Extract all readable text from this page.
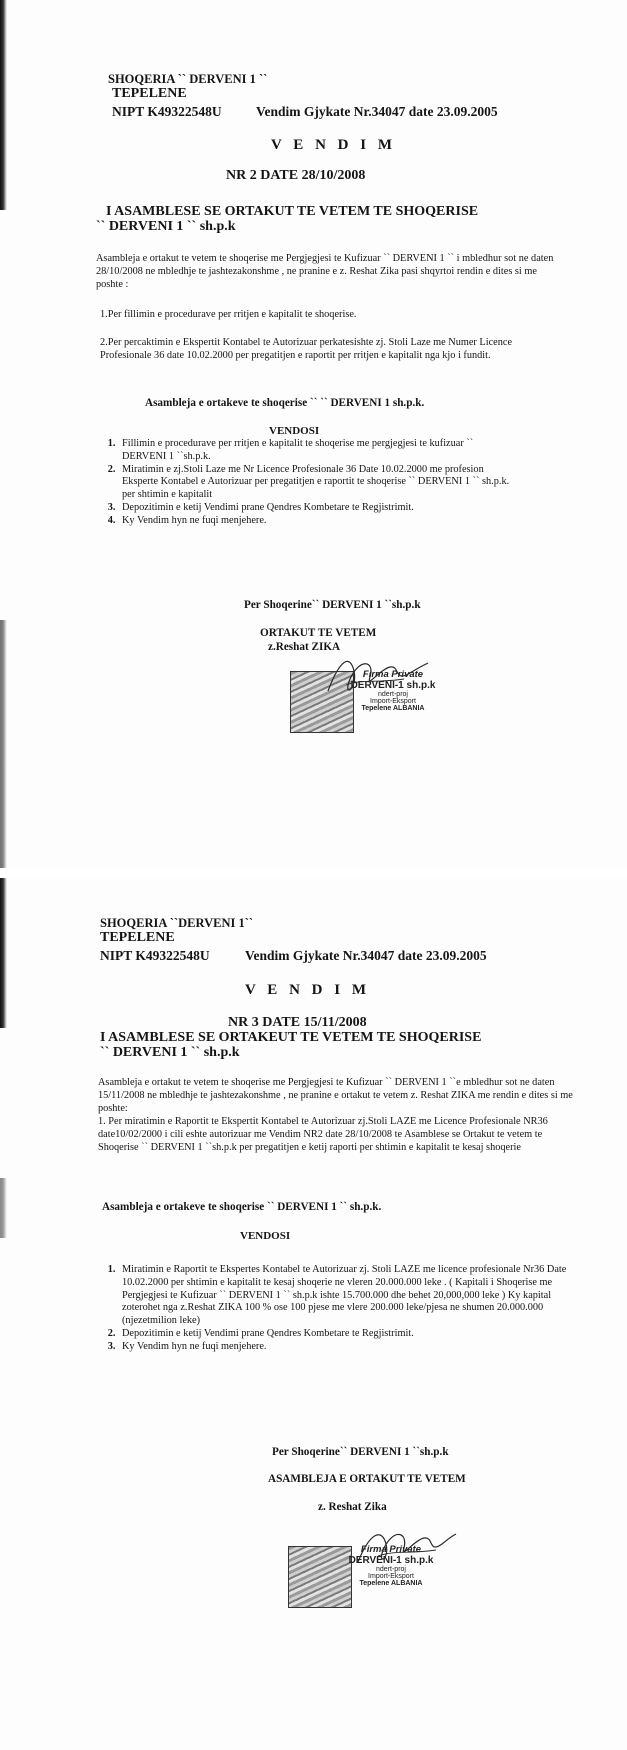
SHOQERIA `` DERVENI 1 ``
TEPELENE
NIPT K49322548U	Vendim Gjykate Nr.34047 date 23.09.2005
V E N D I M
NR 2 DATE 28/10/2008
I ASAMBLESE SE ORTAKUT TE VETEM TE SHOQERISE
`` DERVENI 1 `` sh.p.k
Asambleja e ortakut te vetem te shoqerise me Pergjegjesi te Kufizuar `` DERVENI 1 `` i mbledhur sot ne daten 28/10/2008 ne mbledhje te jashtezakonshme , ne pranine e z. Reshat Zika pasi shqyrtoi rendin e dites si me poshte :
1.Per fillimin e procedurave per rritjen e kapitalit te shoqerise.
2.Per percaktimin e Ekspertit Kontabel te Autorizuar perkatesishte zj. Stoli Laze me Numer Licence Profesionale 36 date 10.02.2000 per pregatitjen e raportit per rritjen e kapitalit nga kjo i fundit.
Asambleja e ortakeve te shoqerise `` `` DERVENI 1 sh.p.k.
VENDOSI
1. Fillimin e procedurave per rritjen e kapitalit te shoqerise me pergjegjesi te kufizuar `` DERVENI 1 ``sh.p.k.
2. Miratimin e zj.Stoli Laze me Nr Licence Profesionale 36 Date 10.02.2000 me profesion Eksperte Kontabel e Autorizuar per pregatitjen e raportit te shoqerise `` DERVENI 1 `` sh.p.k. per shtimin e kapitalit
3. Depozitimin e ketij Vendimi prane Qendres Kombetare te Regjistrimit.
4. Ky Vendim hyn ne fuqi menjehere.
Per Shoqerine`` DERVENI 1 ``sh.p.k
ORTAKUT TE VETEM
z.Reshat ZIKA
Firma Private
DERVENI-1 sh.p.k
ndert-proj
Import-Eksport
Tepelene ALBANIA
SHOQERIA ``DERVENI 1``
TEPELENE
NIPT K49322548U	Vendim Gjykate Nr.34047 date 23.09.2005
V E N D I M
NR 3 DATE 15/11/2008
I ASAMBLESE SE ORTAKEUT TE VETEM TE SHOQERISE
`` DERVENI 1 `` sh.p.k
Asambleja e ortakut te vetem te shoqerise me Pergjegjesi te Kufizuar `` DERVENI 1 ``e mbledhur sot ne daten 15/11/2008 ne mbledhje te jashtezakonshme , ne pranine e ortakut te vetem z. Reshat ZIKA me rendin e dites si me poshte:
1. Per miratimin e Raportit te Ekspertit Kontabel te Autorizuar zj.Stoli LAZE me Licence Profesionale NR36 date10/02/2000 i cili eshte autorizuar me Vendim NR2 date 28/10/2008 te Asamblese se Ortakut te vetem te Shoqerise `` DERVENI 1 ``sh.p.k per pregatitjen e ketij raporti per shtimin e kapitalit te kesaj shoqerie
Asambleja e ortakeve te shoqerise `` DERVENI 1 `` sh.p.k.
VENDOSI
1. Miratimin e Raportit te Ekspertes Kontabel te Autorizuar zj. Stoli LAZE me licence profesionale Nr36 Date 10.02.2000 per shtimin e kapitalit te kesaj shoqerie ne vleren 20.000.000 leke . ( Kapitali i Shoqerise me Pergjegjesi te Kufizuar `` DERVENI 1 `` sh.p.k ishte 15.700.000 dhe behet 20,000,000 leke ) Ky kapital zoterohet nga z.Reshat ZIKA 100 % ose 100 pjese me vlere 200.000 leke/pjesa ne shumen 20.000.000 (njezetmilion leke)
2. Depozitimin e ketij Vendimi prane Qendres Kombetare te Regjistrimit.
3. Ky Vendim hyn ne fuqi menjehere.
Per Shoqerine`` DERVENI 1 ``sh.p.k
ASAMBLEJA E ORTAKUT TE VETEM
z. Reshat Zika
Firma Private
DERVENI-1 sh.p.k
ndert-proj
Import-Eksport
Tepelene ALBANIA
